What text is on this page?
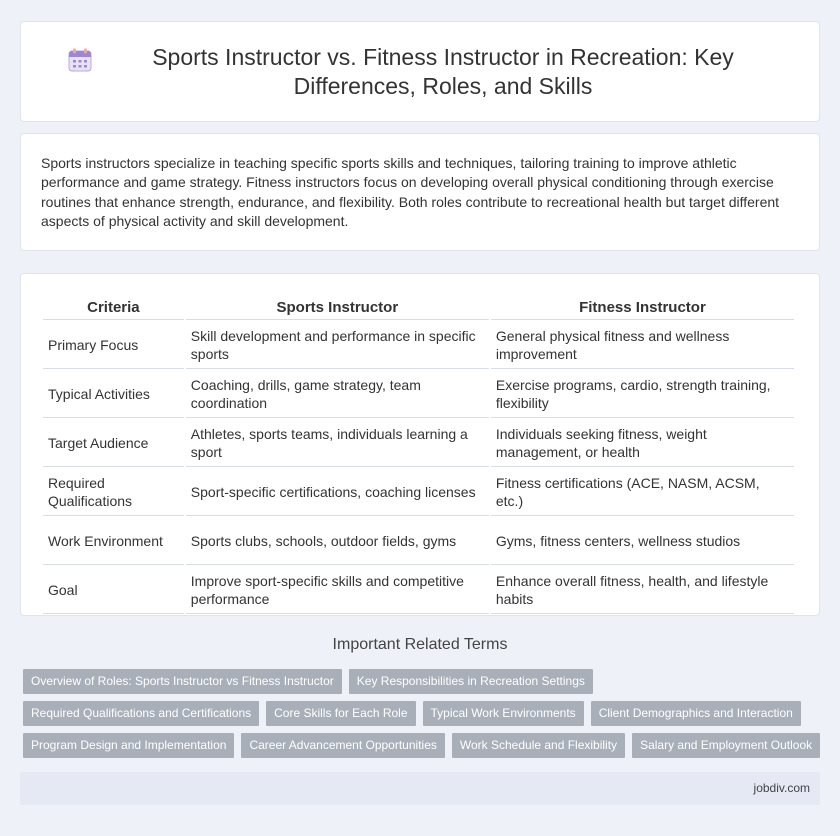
Sports Instructor vs. Fitness Instructor in Recreation: Key Differences, Roles, and Skills

Sports instructors specialize in teaching specific sports skills and techniques, tailoring training to improve athletic performance and game strategy. Fitness instructors focus on developing overall physical conditioning through exercise routines that enhance strength, endurance, and flexibility. Both roles contribute to recreational health but target different aspects of physical activity and skill development.

Criteria	Sports Instructor	Fitness Instructor
Primary Focus	Skill development and performance in specific sports	General physical fitness and wellness improvement
Typical Activities	Coaching, drills, game strategy, team coordination	Exercise programs, cardio, strength training, flexibility
Target Audience	Athletes, sports teams, individuals learning a sport	Individuals seeking fitness, weight management, or health
Required Qualifications	Sport-specific certifications, coaching licenses	Fitness certifications (ACE, NASM, ACSM, etc.)
Work Environment	Sports clubs, schools, outdoor fields, gyms	Gyms, fitness centers, wellness studios
Goal	Improve sport-specific skills and competitive performance	Enhance overall fitness, health, and lifestyle habits
Important Related Terms
Overview of Roles: Sports Instructor vs Fitness Instructor	Key Responsibilities in Recreation Settings
Required Qualifications and Certifications	Core Skills for Each Role	Typical Work Environments	Client Demographics and Interaction
Program Design and Implementation	Career Advancement Opportunities	Work Schedule and Flexibility	Salary and Employment Outlook
jobdiv.com
